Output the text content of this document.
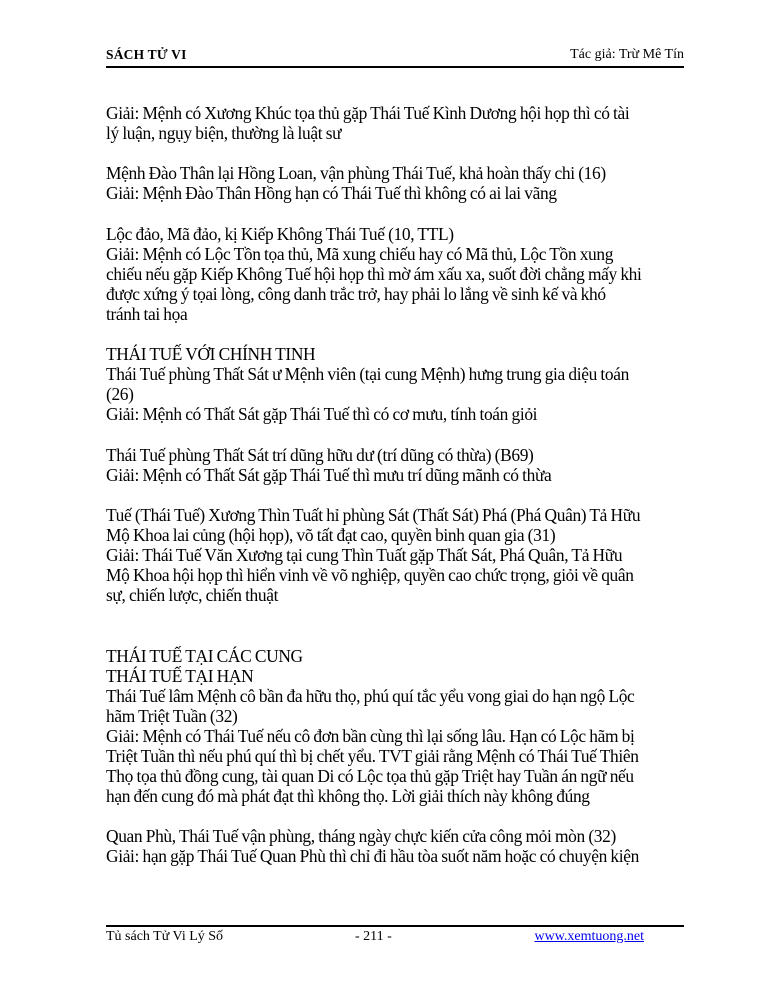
SÁCH TỬ VI	Tác giả: Trừ Mê Tín

Giải: Mệnh có Xương Khúc tọa thủ gặp Thái Tuế Kình Dương hội họp thì có tài

lý luận, ngụy biện, thường là luật sư

Mệnh Đào Thân lại Hồng Loan, vận phùng Thái Tuế, khả hoàn thấy chi (16)

Giải: Mệnh Đào Thân Hồng hạn có Thái Tuế thì không có ai lai vãng

Lộc đảo, Mã đảo, kị Kiếp Không Thái Tuế (10, TTL)

Giải: Mệnh có Lộc Tồn tọa thủ, Mã xung chiếu hay có Mã thủ, Lộc Tồn xung

chiếu nếu gặp Kiếp Không Tuế hội họp thì mờ ám xấu xa, suốt đời chẳng mấy khi

được xứng ý tọai lòng, công danh trắc trở, hay phải lo lắng về sinh kế và khó

tránh tai họa

THÁI TUẾ VỚI CHÍNH TINH

Thái Tuế phùng Thất Sát ư Mệnh viên (tại cung Mệnh) hưng trung gia diệu toán

(26)

Giải: Mệnh có Thất Sát gặp Thái Tuế thì có cơ mưu, tính toán giỏi

Thái Tuế phùng Thất Sát trí dũng hữu dư (trí dũng có thừa) (B69)

Giải: Mệnh có Thất Sát gặp Thái Tuế thì mưu trí dũng mãnh có thừa

Tuế (Thái Tuế) Xương Thìn Tuất hỉ phùng Sát (Thất Sát) Phá (Phá Quân) Tả Hữu

Mộ Khoa lai củng (hội họp), võ tất đạt cao, quyền binh quan gia (31)

Giải: Thái Tuế Văn Xương tại cung Thìn Tuất gặp Thất Sát, Phá Quân, Tả Hữu

Mộ Khoa hội họp thì hiển vinh về võ nghiệp, quyền cao chức trọng, giỏi về quân

sự, chiến lược, chiến thuật

THÁI TUẾ TẠI CÁC CUNG

THÁI TUẾ TẠI HẠN

Thái Tuế lâm Mệnh cô bần đa hữu thọ, phú quí tắc yểu vong giai do hạn ngộ Lộc

hãm Triệt Tuần (32)

Giải: Mệnh có Thái Tuế nếu cô đơn bần cùng thì lại sống lâu. Hạn có Lộc hãm bị

Triệt Tuần thì nếu phú quí thì bị chết yểu. TVT giải rằng Mệnh có Thái Tuế Thiên

Thọ tọa thủ đồng cung, tài quan Di có Lộc tọa thủ gặp Triệt hay Tuần án ngữ nếu

hạn đến cung đó mà phát đạt thì không thọ. Lời giải thích này không đúng

Quan Phù, Thái Tuế vận phùng, tháng ngày chực kiến cửa công mỏi mòn (32)

Giải: hạn gặp Thái Tuế Quan Phù thì chỉ đi hầu tòa suốt năm hoặc có chuyện kiện

Tủ sách Tử Vi Lý Số	- 211 -	www.xemtuong.net
